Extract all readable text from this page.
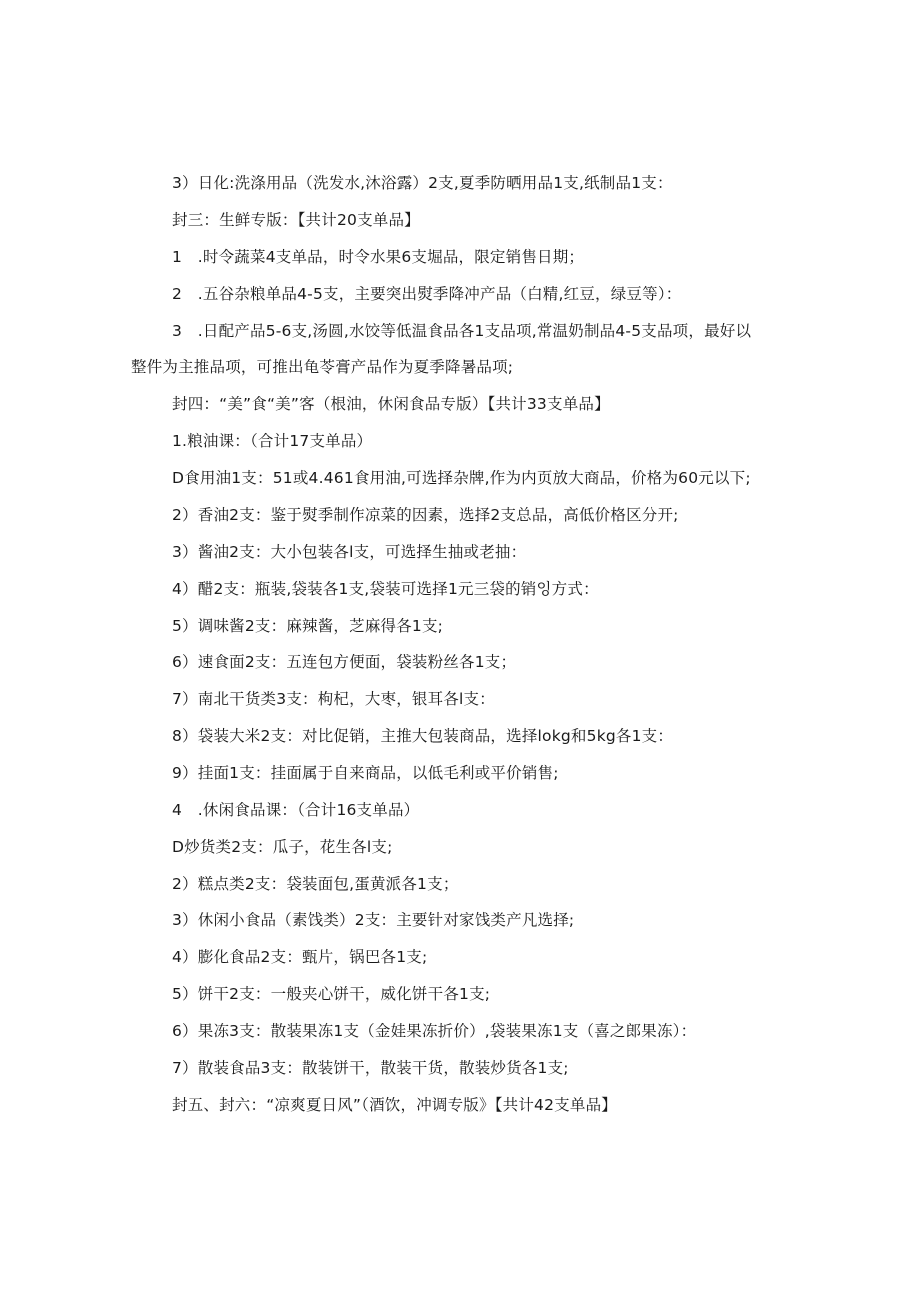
3）日化:洗涤用品（洗发水,沐浴露）2支,夏季防晒用品1支,纸制品1支：
封三：生鲜专版：【共计20支单品】
1　.时令蔬菜4支单品，时令水果6支堀品，限定销售日期；
2　.五谷杂粮单品4-5支，主要突出熨季降冲产品（白精,红豆，绿豆等）：
3　.日配产品5-6支,汤圆,水饺等低温食品各1支品项,常温奶制品4-5支品项，最好以
整件为主推品项，可推出龟苓膏产品作为夏季降暑品项;
封四：“美”食“美”客（根油，休闲食品专版）【共计33支单品】
1.粮油课：（合计17支单品）
D食用油1支：51或4.461食用油,可选择杂牌,作为内页放大商品，价格为60元以下;
2）香油2支：鉴于熨季制作凉菜的因素，选择2支总品，高低价格区分开;
3）酱油2支：大小包装各l支，可选择生抽或老抽：
4）醋2支：瓶装,袋装各1支,袋装可选择1元三袋的销잉方式：
5）调味酱2支：麻辣酱，芝麻得各1支;
6）速食面2支：五连包方便面，袋装粉丝各1支；
7）南北干货类3支：枸杞，大枣，银耳各l支：
8）袋装大米2支：对比促销，主推大包装商品，选择lokg和5kg各1支：
9）挂面1支：挂面属于自来商品，以低毛利或平价销售;
4　.休闲食品课：（合计16支单品）
D炒货类2支：瓜子，花生各l支;
2）糕点类2支：袋装面包,蛋黄派各1支；
3）休闲小食品（素饯类）2支：主要针对家饯类产凡选择;
4）膨化食品2支：甄片，锅巴各1支;
5）饼干2支：一般夹心饼干，威化饼干各1支;
6）果冻3支：散装果冻1支（金娃果冻折价）,袋装果冻1支（喜之郎果冻）：
7）散装食品3支：散装饼干，散装干货，散装炒货各1支;
封五、封六：“凉爽夏日风”（酒饮，冲调专版》【共计42支单品】
